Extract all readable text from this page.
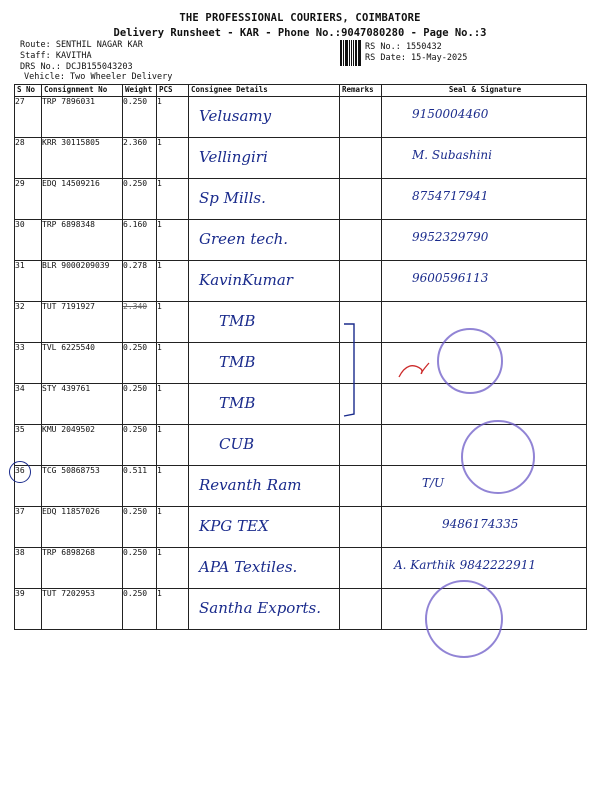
THE PROFESSIONAL COURIERS, COIMBATORE
Delivery Runsheet - KAR - Phone No.:9047080280 - Page No.:3
Route: SENTHIL NAGAR KAR
Staff: KAVITHA
DRS No.: DCJB155043203
Vehicle: Two Wheeler Delivery
RS No.: 1550432
RS Date: 15-May-2025
S No	Consignment No	Weight	PCS	Consignee Details	Remarks	Seal & Signature
27	TRP 7896031	0.250	1	Velusamy		9150004460

28	KRR 30115805	2.360	1	Vellingiri		M. Subashini

29	EDQ 14509216	0.250	1	Sp Mills.		8754717941

30	TRP 6898348	6.160	1	Green tech.		9952329790

31	BLR 9000209039	0.278	1	KavinKumar		9600596113

32	TUT 7191927	2.340	1	TMB		

33	TVL 6225540	0.250	1	TMB		

34	STY 439761	0.250	1	TMB		

35	KMU 2049502	0.250	1	CUB		

36	TCG 50868753	0.511	1	Revanth Ram		T/U

37	EDQ 11857026	0.250	1	KPG TEX		9486174335

38	TRP 6898268	0.250	1	APA Textiles.		A. Karthik 9842222911

39	TUT 7202953	0.250	1	Santha Exports.		
